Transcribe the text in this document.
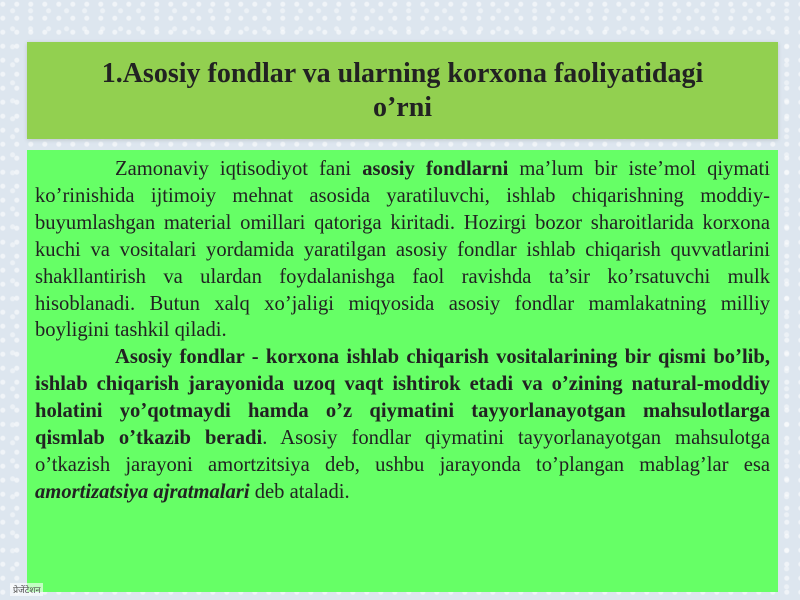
1.Asosiy fondlar va ularning korxona faoliyatidagi
o’rni

Zamonaviy iqtisodiyot fani asosiy fondlarni ma’lum bir iste’mol qiymati ko’rinishida ijtimoiy mehnat asosida yaratiluvchi, ishlab chiqarishning moddiy-buyumlashgan material omillari qatoriga kiritadi. Hozirgi bozor sharoitlarida korxona kuchi va vositalari yordamida yaratilgan asosiy fondlar ishlab chiqarish quvvatlarini shakllantirish va ulardan foydalanishga faol ravishda ta’sir ko’rsatuvchi mulk hisoblanadi. Butun xalq xo’jaligi miqyosida asosiy fondlar mamlakatning milliy boyligini tashkil qiladi.

Asosiy fondlar - korxona ishlab chiqarish vositalarining bir qismi bo’lib, ishlab chiqarish jarayonida uzoq vaqt ishtirok etadi va o’zining natural-moddiy holatini yo’qotmaydi hamda o’z qiymatini tayyorlanayotgan mahsulotlarga qismlab o’tkazib beradi. Asosiy fondlar qiymatini tayyorlanayotgan mahsulotga o’tkazish jarayoni amortzitsiya deb, ushbu jarayonda to’plangan mablag’lar esa amortizatsiya ajratmalari deb ataladi.

प्रेजेंटेशन
